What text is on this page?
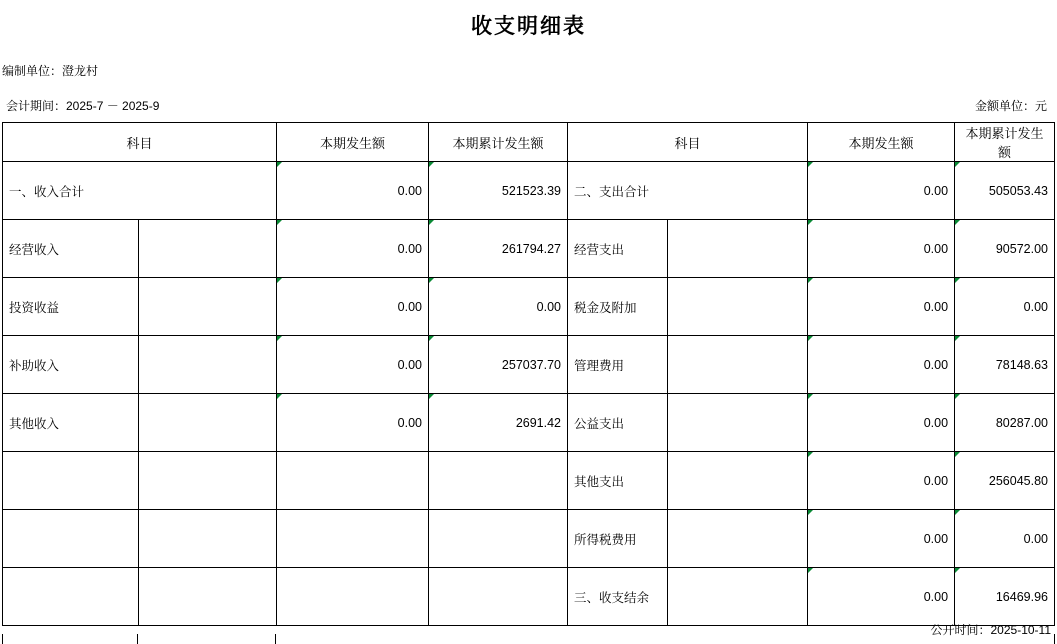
收支明细表
编制单位：澄龙村
会计期间：2025-7 － 2025-9	金额单位：元
科目		本期发生额	本期累计发生额	科目		本期发生额	本期累计发生额
一、收入合计		0.00	521523.39	二、支出合计		0.00	505053.43
经营收入		0.00	261794.27	经营支出		0.00	90572.00
投资收益		0.00	0.00	税金及附加		0.00	0.00
补助收入		0.00	257037.70	管理费用		0.00	78148.63
其他收入		0.00	2691.42	公益支出		0.00	80287.00
				其他支出		0.00	256045.80
				所得税费用		0.00	0.00
				三、收支结余		0.00	16469.96
公开时间：2025-10-11
